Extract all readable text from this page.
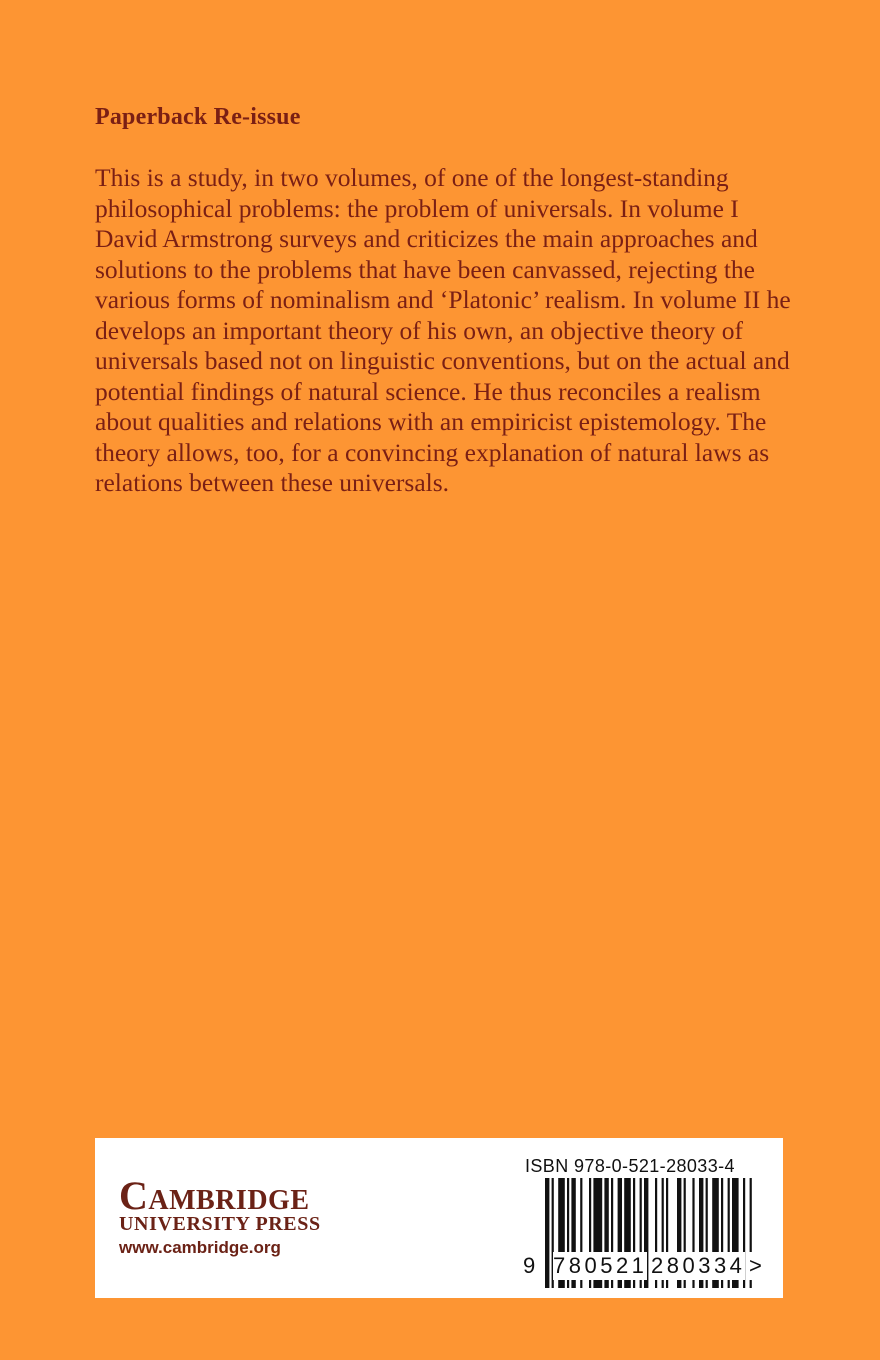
Paperback Re-issue

This is a study, in two volumes, of one of the longest-standing philosophical problems: the problem of universals. In volume I David Armstrong surveys and criticizes the main approaches and solutions to the problems that have been canvassed, rejecting the various forms of nominalism and ‘Platonic’ realism. In volume II he develops an important theory of his own, an objective theory of universals based not on linguistic conventions, but on the actual and potential findings of natural science. He thus reconciles a realism about qualities and relations with an empiricist epistemology. The theory allows, too, for a convincing explanation of natural laws as relations between these universals.

Cambridge
UNIVERSITY PRESS
www.cambridge.org
ISBN 978-0-521-28033-4
9 780521 280334 >
